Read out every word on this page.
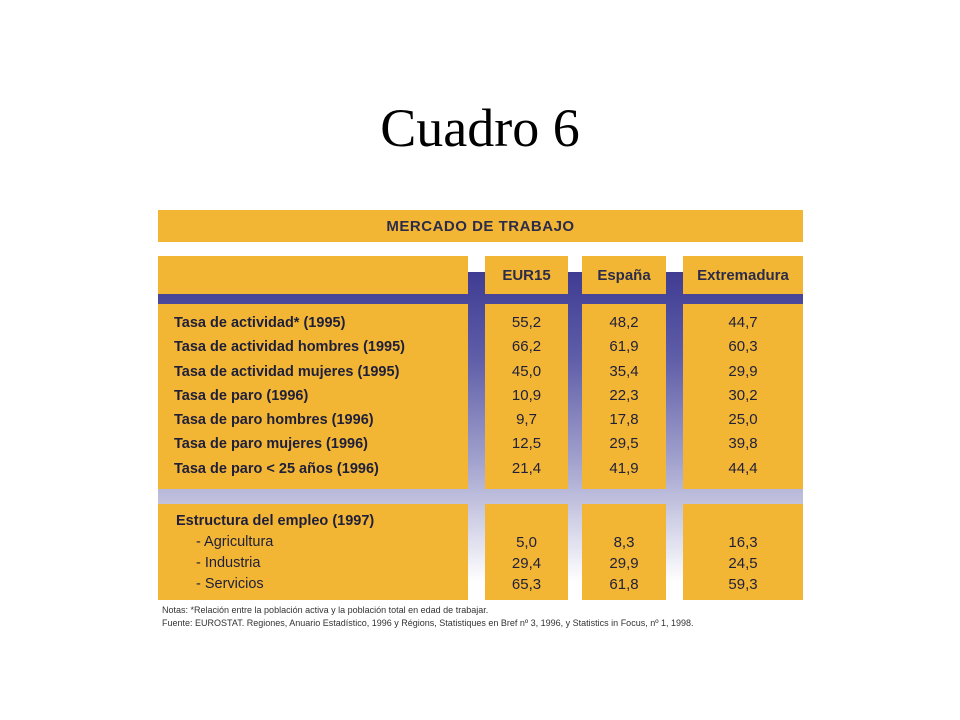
Cuadro 6
MERCADO DE TRABAJO
EUR15	España	Extremadura
Tasa de actividad* (1995)
Tasa de actividad hombres (1995)
Tasa de actividad mujeres (1995)
Tasa de paro (1996)
Tasa de paro hombres (1996)
Tasa de paro mujeres (1996)
Tasa de paro < 25 años (1996)
55,2
66,2
45,0
10,9
9,7
12,5
21,4
48,2
61,9
35,4
22,3
17,8
29,5
41,9
44,7
60,3
29,9
30,2
25,0
39,8
44,4
Estructura del empleo (1997)
- Agricultura
- Industria
- Servicios
5,0
29,4
65,3
8,3
29,9
61,8
16,3
24,5
59,3
Notas: *Relación entre la población activa y la población total en edad de trabajar.
Fuente: EUROSTAT. Regiones, Anuario Estadístico, 1996 y Régions, Statistiques en Bref nº 3, 1996, y Statistics in Focus, nº 1, 1998.
